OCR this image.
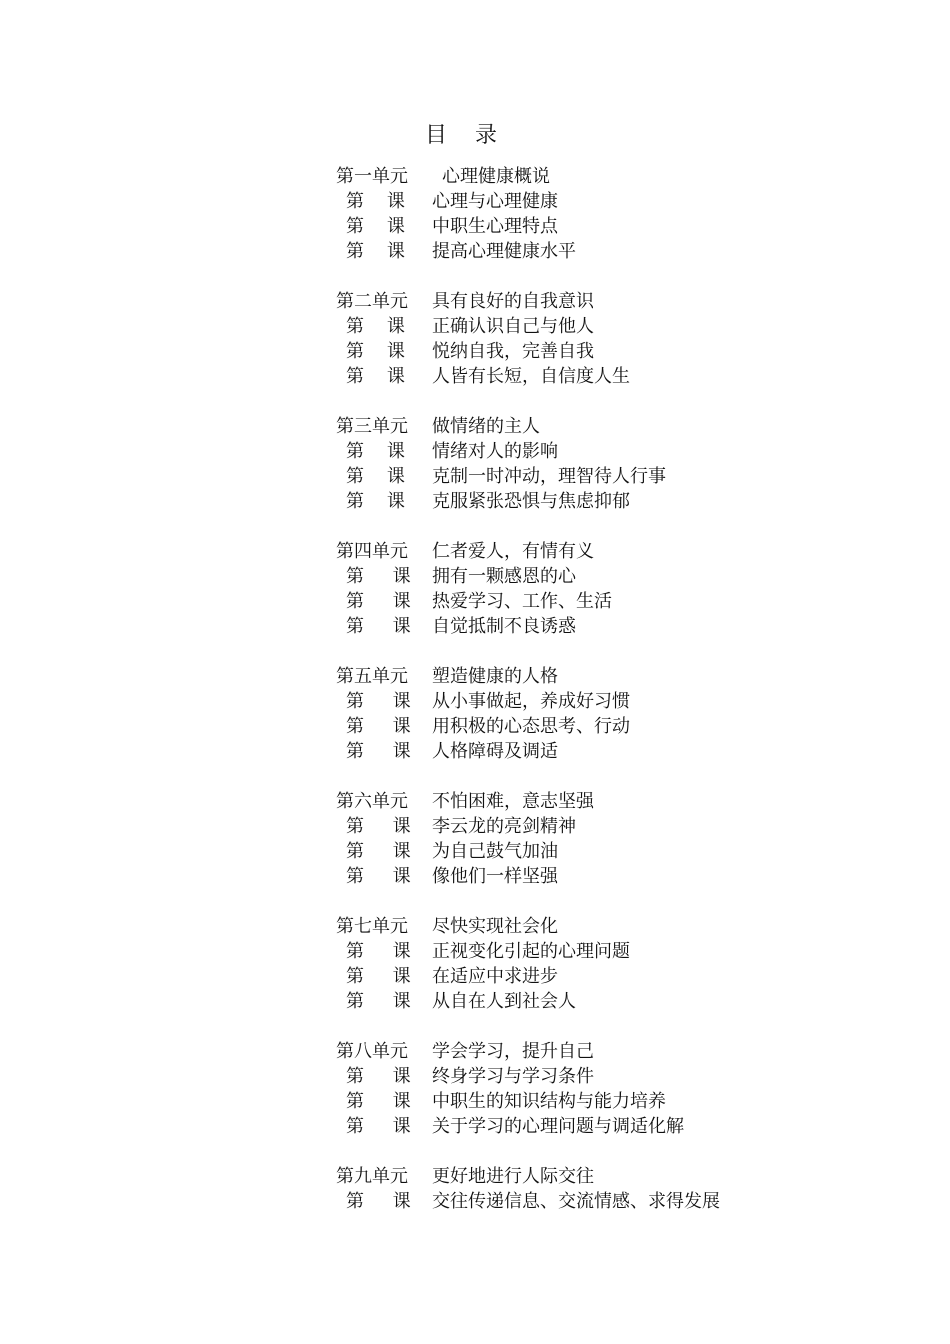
目    录
第一单元	心理健康概说
第    课	心理与心理健康
第    课	中职生心理特点
第    课	提高心理健康水平
第二单元	具有良好的自我意识
第    课	正确认识自己与他人
第    课	悦纳自我，完善自我
第    课	人皆有长短，自信度人生
第三单元	做情绪的主人
第    课	情绪对人的影响
第    课	克制一时冲动，理智待人行事
第    课	克服紧张恐惧与焦虑抑郁
第四单元	仁者爱人，有情有义
第     课	拥有一颗感恩的心
第     课	热爱学习、工作、生活
第     课	自觉抵制不良诱惑
第五单元	塑造健康的人格
第     课	从小事做起，养成好习惯
第     课	用积极的心态思考、行动
第     课	人格障碍及调适
第六单元	不怕困难，意志坚强
第     课	李云龙的亮剑精神
第     课	为自己鼓气加油
第     课	像他们一样坚强
第七单元	尽快实现社会化
第     课	正视变化引起的心理问题
第     课	在适应中求进步
第     课	从自在人到社会人
第八单元	学会学习，提升自己
第     课	终身学习与学习条件
第     课	中职生的知识结构与能力培养
第     课	关于学习的心理问题与调适化解
第九单元	更好地进行人际交往
第     课	交往传递信息、交流情感、求得发展
